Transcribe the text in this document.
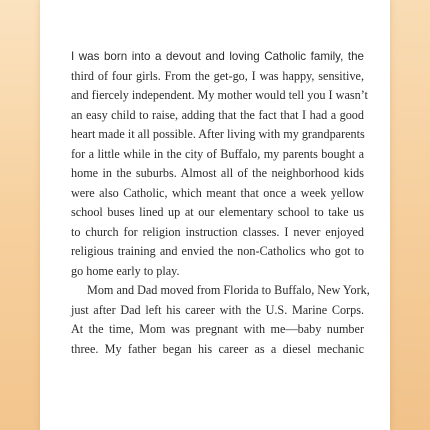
I was born into a devout and loving Catholic family, the
third of four girls. From the get-go, I was happy, sensitive,
and fiercely independent. My mother would tell you I wasn’t
an easy child to raise, adding that the fact that I had a good
heart made it all possible. After living with my grandparents
for a little while in the city of Buffalo, my parents bought a
home in the suburbs. Almost all of the neighborhood kids
were also Catholic, which meant that once a week yellow
school buses lined up at our elementary school to take us
to church for religion instruction classes. I never enjoyed
religious training and envied the non-Catholics who got to
go home early to play.
Mom and Dad moved from Florida to Buffalo, New York,
just after Dad left his career with the U.S. Marine Corps.
At the time, Mom was pregnant with me—baby number
three. My father began his career as a diesel mechanic
